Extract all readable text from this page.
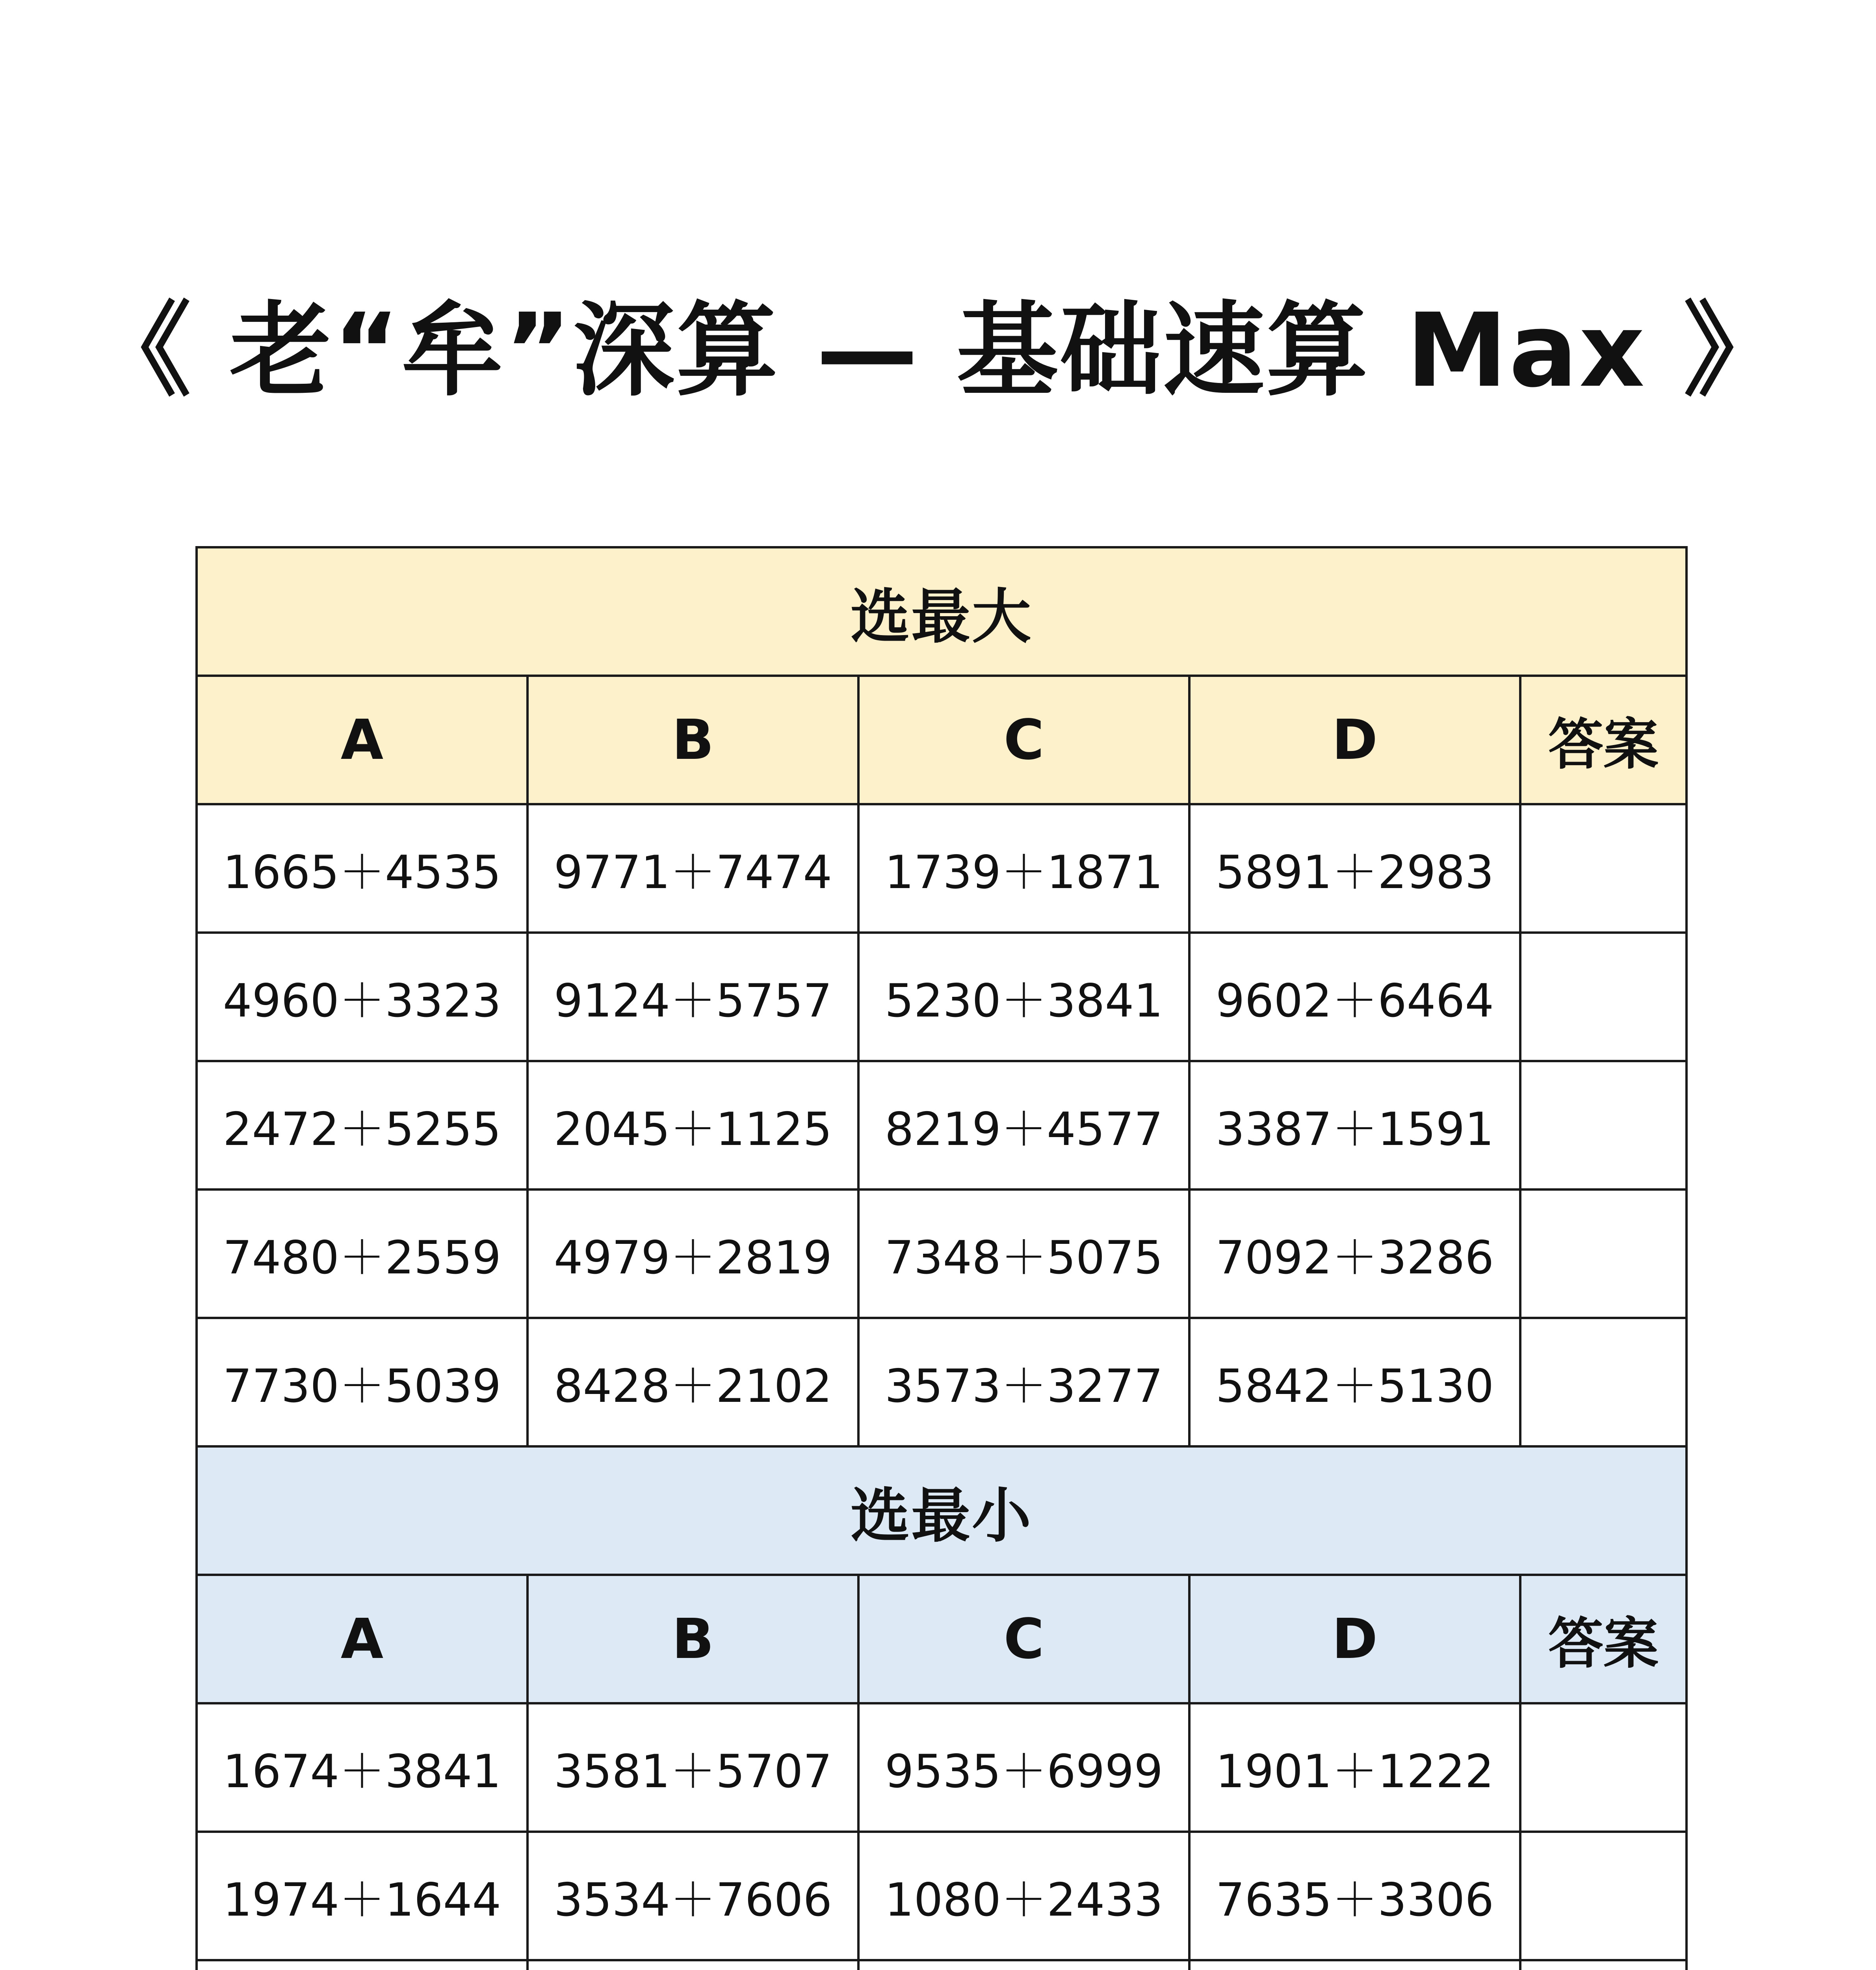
《 老“牟”深算 — 基础速算 Max 》
选最大				
A	B	C	D	答案
1665＋4535	9771＋7474	1739＋1871	5891＋2983	
4960＋3323	9124＋5757	5230＋3841	9602＋6464	
2472＋5255	2045＋1125	8219＋4577	3387＋1591	
7480＋2559	4979＋2819	7348＋5075	7092＋3286	
7730＋5039	8428＋2102	3573＋3277	5842＋5130	
选最小				
A	B	C	D	答案
1674＋3841	3581＋5707	9535＋6999	1901＋1222	
1974＋1644	3534＋7606	1080＋2433	7635＋3306	
